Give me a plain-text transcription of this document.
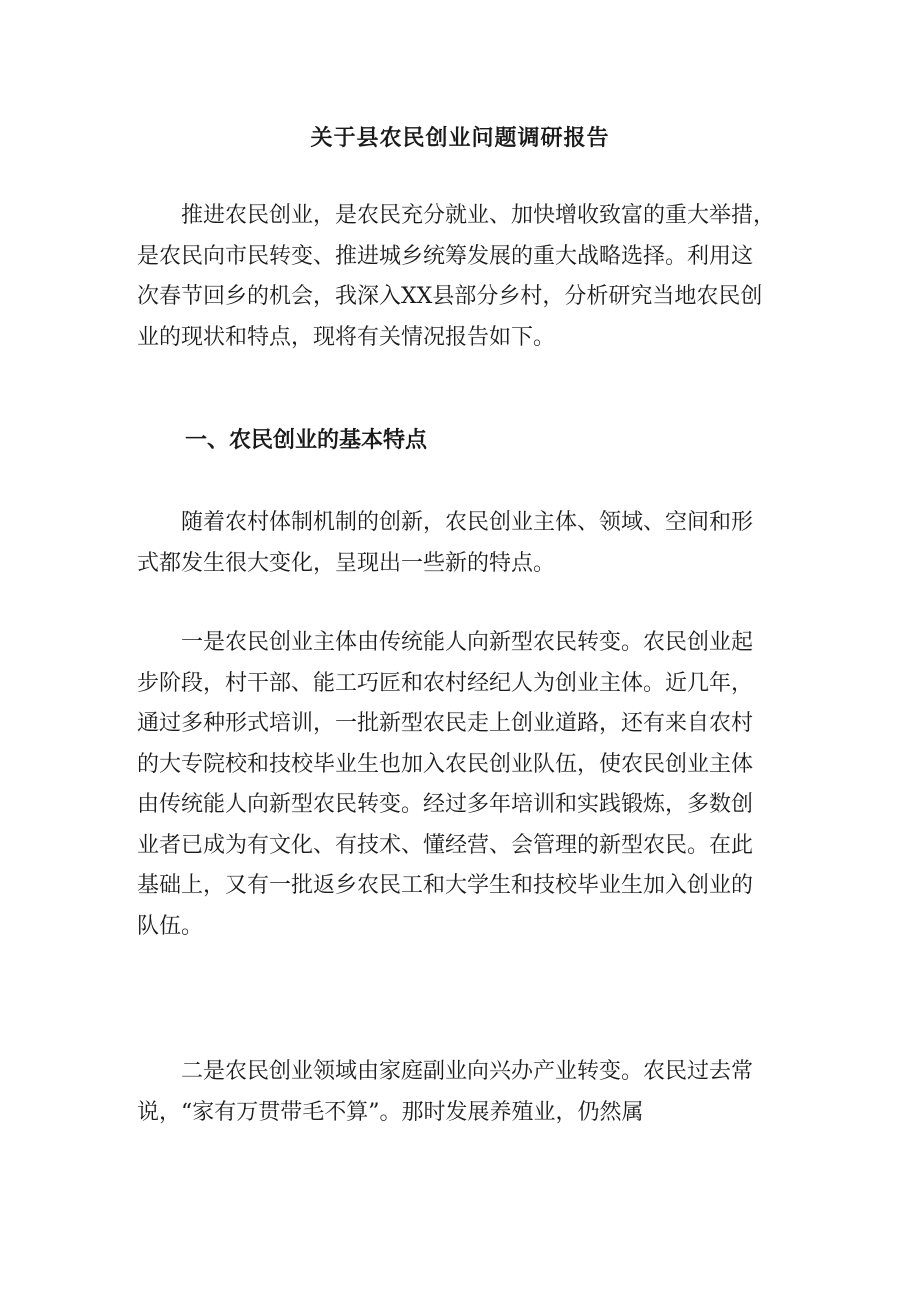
关于县农民创业问题调研报告
　　推进农民创业，是农民充分就业、加快增收致富的重大举措，
是农民向市民转变、推进城乡统筹发展的重大战略选择。利用这
次春节回乡的机会，我深入XX县部分乡村，分析研究当地农民创
业的现状和特点，现将有关情况报告如下。
一、农民创业的基本特点
　　随着农村体制机制的创新，农民创业主体、领域、空间和形
式都发生很大变化，呈现出一些新的特点。
　　一是农民创业主体由传统能人向新型农民转变。农民创业起
步阶段，村干部、能工巧匠和农村经纪人为创业主体。近几年，
通过多种形式培训，一批新型农民走上创业道路，还有来自农村
的大专院校和技校毕业生也加入农民创业队伍，使农民创业主体
由传统能人向新型农民转变。经过多年培训和实践锻炼，多数创
业者已成为有文化、有技术、懂经营、会管理的新型农民。在此
基础上，又有一批返乡农民工和大学生和技校毕业生加入创业的
队伍。
　　二是农民创业领域由家庭副业向兴办产业转变。农民过去常
说，“家有万贯带毛不算”。那时发展养殖业，仍然属
